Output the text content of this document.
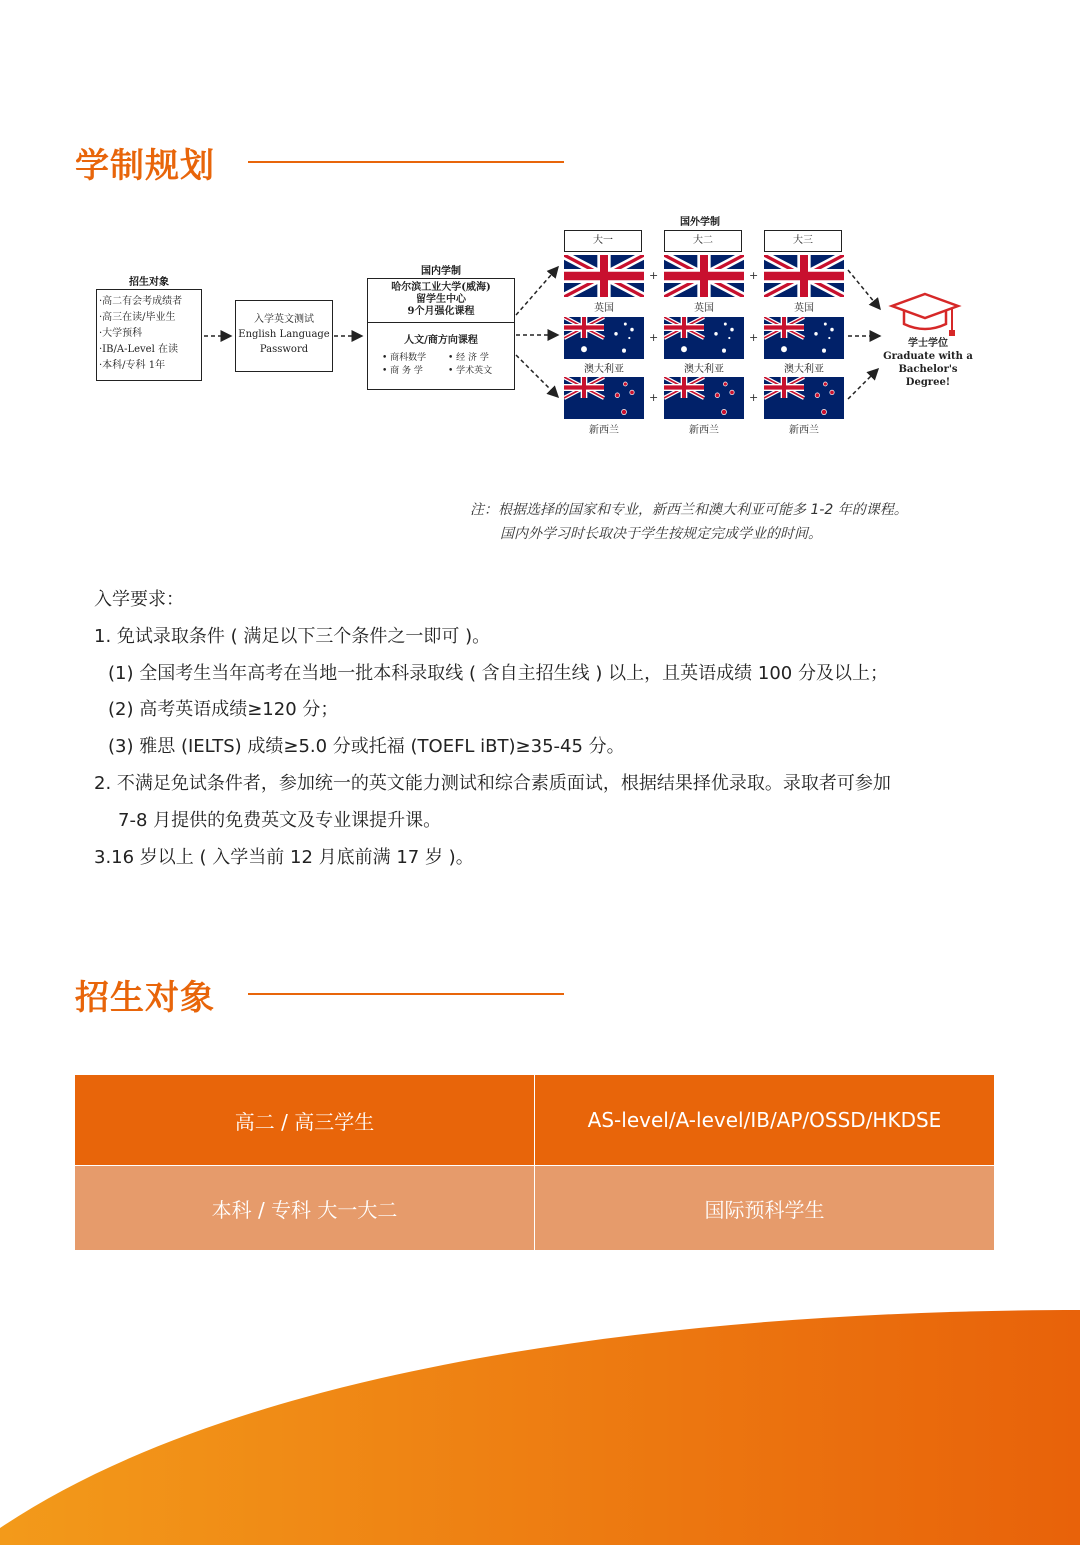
学制规划
招生对象
·高二有会考成绩者
·高三在读/毕业生
·大学预科
·IB/A-Level 在读
·本科/专科 1年
入学英文测试
English Language
Password
国内学制
哈尔滨工业大学(威海)
留学生中心
9个月强化课程
人文/商方向课程
• 商科数学 • 经 济 学
• 商 务 学	• 学术英文
国外学制
大一	大二	大三
英国
+
英国
+
英国
澳大利亚
+
澳大利亚
+
澳大利亚
新西兰
+
新西兰
+
新西兰
学士学位
Graduate with a
Bachelor's Degree!
注：根据选择的国家和专业，新西兰和澳大利亚可能多 1-2 年的课程。
国内外学习时长取决于学生按规定完成学业的时间。

入学要求：

1. 免试录取条件 ( 满足以下三个条件之一即可 )。

(1) 全国考生当年高考在当地一批本科录取线 ( 含自主招生线 ) 以上，且英语成绩 100 分及以上；

(2) 高考英语成绩≥120 分；

(3) 雅思 (IELTS) 成绩≥5.0 分或托福 (TOEFL iBT)≥35-45 分。

2. 不满足免试条件者，参加统一的英文能力测试和综合素质面试，根据结果择优录取。录取者可参加

7-8 月提供的免费英文及专业课提升课。

3.16 岁以上 ( 入学当前 12 月底前满 17 岁 )。

招生对象
高二 / 高三学生	AS-level/A-level/IB/AP/OSSD/HKDSE
本科 / 专科 大一大二	国际预科学生
